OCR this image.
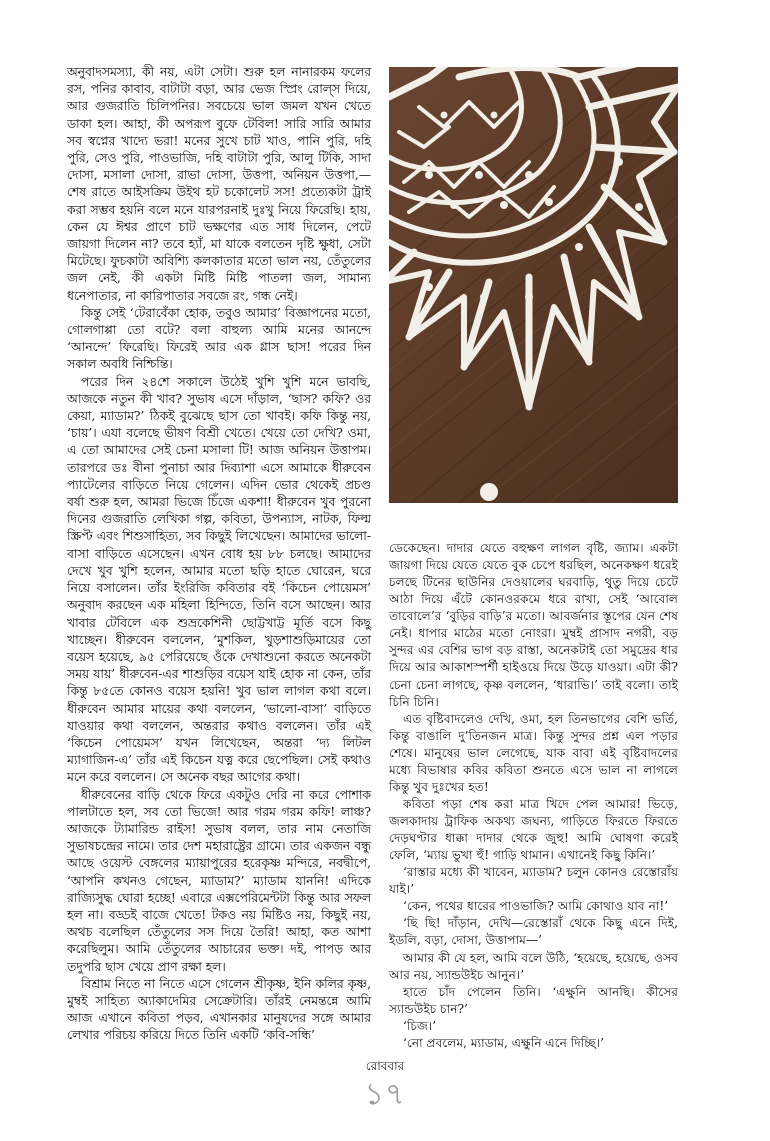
অনুবাদসমস্যা, কী নয়, এটা সেটা। শুরু হল নানারকম ফলের রস, পনির কাবাব, বাটাটা বড়া, আর ভেজ স্প্রিং রোল্‌স দিয়ে, আর গুজরাতি চিলিপনির। সবচেয়ে ভাল জমল যখন খেতে ডাকা হল। আহা, কী অপরূপ বুফে টেবিল! সারি সারি আমার সব স্বপ্নের খাদ্যে ভরা! মনের সুখে চাট খাও, পানি পুরি, দহি পুরি, সেও পুরি, পাওভাজি, দহি বাটাটা পুরি, আলু টিকি, সাদা দোসা, মসালা দোসা, রাভা দোসা, উত্তপা, অনিয়ন উত্তপা,—শেষ রাতে আইসক্রিম উইথ হট চকোলেট সস! প্রত্যেকটা ট্রাই করা সম্ভব হয়নি বলে মনে যারপরনাই দুঃখু নিয়ে ফিরেছি। হায়, কেন যে ঈশ্বর প্রাণে চাট ভক্ষণের এত সাধ দিলেন, পেটে জায়গা দিলেন না? তবে হ্যাঁ, মা যাকে বলতেন দৃষ্টি ক্ষুধা, সেটা মিটেছে। ফুচকাটা অবিশ্যি কলকাতার মতো ভাল নয়, তেঁতুলের জল নেই, কী একটা মিষ্টি মিষ্টি পাতলা জল, সামান্য ধনেপাতার, না কারিপাতার সবজে রং, গন্ধ নেই।

কিন্তু সেই ‘টেরাবেঁকা হোক, তবুও আমার’ বিজ্ঞাপনের মতো, গোলগাপ্পা তো বটে? বলা বাহুল্য আমি মনের আনন্দে ‘আনন্দে’ ফিরেছি। ফিরেই আর এক গ্লাস ছাস! পরের দিন সকাল অবধি নিশ্চিন্তি।

পরের দিন ২৪শে সকালে উঠেই খুশি খুশি মনে ভাবছি, আজকে নতুন কী খাব? সুভাষ এসে দাঁড়াল, ‘ছাস? কফি? ওর কেয়া, ম্যাডাম?’ ঠিকই বুঝেছে ছাস তো খাবই। কফি কিন্তু নয়, ‘চায়’। এযা বলেছে ভীষণ বিশ্রী খেতে। খেয়ে তো দেখি? ওমা, এ তো আমাদের সেই চেনা মসালা টি! আজ অনিয়ন উত্তাপম। তারপরে ডঃ বীনা পুনাচা আর দিব্যাশা এসে আমাকে ধীরুবেন প্যাটেলের বাড়িতে নিয়ে গেলেন। এদিন ভোর থেকেই প্রচণ্ড বর্ষা শুরু হল, আমরা ভিজে চিঁজে একশা! ধীরুবেন খুব পুরনো দিনের গুজরাতি লেখিকা গল্প, কবিতা, উপন্যাস, নাটক, ফিল্ম স্ক্রিপ্ট এবং শিশুসাহিত্য, সব কিছুই লিখেছেন। আমাদের ভালো-বাসা বাড়িতে এসেছেন। এখন বোধ হয় ৮৮ চলছে। আমাদের দেখে খুব খুশি হলেন, আমার মতো ছড়ি হাতে ঘোরেন, ঘরে নিয়ে বসালেন। তাঁর ইংরিজি কবিতার বই ‘কিচেন পোয়েমস’ অনুবাদ করছেন এক মহিলা হিন্দিতে, তিনি বসে আছেন। আর খাবার টেবিলে এক শুভ্রকেশিনী ছোট্টখাট্ট মূর্তি বসে কিছু খাচ্ছেন। ধীরুবেন বললেন, ‘মুশকিল, খুড়শাশুড়িমায়ের তো বয়েস হয়েছে, ৯৫ পেরিয়েছে ওঁকে দেখাশুনো করতে অনেকটা সময় যায়’ ধীরুবেন-এর শাশুড়ির বয়েস যাই হোক না কেন, তাঁর কিন্তু ৮৫তে কোনও বয়েস হয়নি! খুব ভাল লাগল কথা বলে। ধীরুবেন আমার মায়ের কথা বললেন, ‘ভালো-বাসা’ বাড়িতে যাওয়ার কথা বললেন, অন্তরার কথাও বললেন। তাঁর এই ‘কিচেন পোয়েমস’ যখন লিখেছেন, অন্তরা ‘দ্য লিটল ম্যাগাজিন-এ’ তাঁর এই কিচেন যত্ন করে ছেপেছিল। সেই কথাও মনে করে বললেন। সে অনেক বছর আগের কথা।

ধীরুবেনের বাড়ি থেকে ফিরে একটুও দেরি না করে পোশাক পালটাতে হল, সব তো ভিজে! আর গরম গরম কফি! লাঞ্চ? আজকে ট্যামারিন্ড রাইস! সুভাষ বলল, তার নাম নেতাজি সুভাষচন্দ্রের নামে। তার দেশ মহারাষ্ট্রের গ্রামে। তার একজন বন্ধু আছে ওয়েস্ট বেঙ্গলের ম্যায়াপুরের হরেকৃষ্ণ মন্দিরে, নবদ্বীপে, ‘আপনি কখনও গেছেন, ম্যাডাম?’ ম্যাডাম যাননি! এদিকে রাজ্যিসুদ্ধ ঘোরা হচ্ছে! এবারে এক্সপেরিমেন্টটা কিন্তু আর সফল হল না। বড্ডই বাজে খেতে! টকও নয় মিষ্টিও নয়, কিছুই নয়, অথচ বলেছিল তেঁতুলের সস দিয়ে তৈরি! আহা, কত আশা করেছিলুম। আমি তেঁতুলের আচারের ভক্ত। দই, পাপড় আর তদুপরি ছাস খেয়ে প্রাণ রক্ষা হল।

বিশ্রাম নিতে না নিতে এসে গেলেন শ্রীকৃষ্ণ, ইনি কলির কৃষ্ণ, মুম্বই সাহিত্য অ্যাকাদেমির সেক্রেটারি। তাঁরই নেমন্তন্নে আমি আজ এখানে কবিতা পড়ব, এখানকার মানুষদের সঙ্গে আমার লেখার পরিচয় করিয়ে দিতে তিনি একটি ‘কবি-সন্ধি’

ডেকেছেন। দাদার যেতে বহুক্ষণ লাগল বৃষ্টি, জ্যাম। একটা জায়গা দিয়ে যেতে যেতে বুক চেপে ধরছিল, অনেকক্ষণ ধরেই চলছে টিনের ছাউনির দেওয়ালের ঘরবাড়ি, থুতু দিয়ে চেটে আঠা দিয়ে এঁটে কোনওরকমে ধরে রাখা, সেই ‘আবোল তাবোলে’র ‘বুড়ির বাড়ি’র মতো। আবর্জনার স্তূপের যেন শেষ নেই। ধাপার মাঠের মতো নোংরা। মুম্বই প্রাসাদ নগরী, বড় সুন্দর এর বেশির ভাগ বড় রাস্তা, অনেকটাই তো সমুদ্রের ধার দিয়ে আর আকাশস্পর্শী হাইওয়ে দিয়ে উড়ে যাওয়া। এটা কী? চেনা চেনা লাগছে, কৃষ্ণ বললেন, ‘ধারাভি।’ তাই বলো। তাই চিনি চিনি।

এত বৃষ্টিবাদলেও দেখি, ওমা, হল তিনভাগের বেশি ভর্তি, কিন্তু বাঙালি দু’তিনজন মাত্র। কিন্তু সুন্দর প্রশ্ন এল পড়ার শেষে। মানুষের ভাল লেগেছে, যাক বাবা এই বৃষ্টিবাদলের মধ্যে বিভাষার কবির কবিতা শুনতে এসে ভাল না লাগলে কিন্তু খুব দুঃখের হত!

কবিতা পড়া শেষ করা মাত্র খিদে পেল আমার! ভিড়ে, জলকাদায় ট্রাফিক অকথ্য জঘন্য, গাড়িতে ফিরতে ফিরতে দেড়ঘণ্টার ধাক্কা দাদার থেকে জুহু! আমি ঘোষণা করেই ফেলি, ‘ম্যায় ভুখা হুঁ! গাড়ি থামান। এখানেই কিছু কিনি।’

‘রাস্তার মধ্যে কী খাবেন, ম্যাডাম? চলুন কোনও রেস্তোরাঁয় যাই।’

‘কেন, পথের ধারের পাওভাজি? আমি কোথাও যাব না!’

‘ছি ছি! দাঁড়ান, দেখি—রেস্তোরাঁ থেকে কিছু এনে দিই, ইডলি, বড়া, দোসা, উত্তাপাম—’

আমার কী যে হল, আমি বলে উঠি, ‘হয়েছে, হয়েছে, ওসব আর নয়, স্যান্ডউইচ আনুন।’

হাতে চাঁদ পেলেন তিনি। ‘এক্ষুনি আনছি। কীসের স্যান্ডউইচ চান?’

‘চিজ।’

‘নো প্রবলেম, ম্যাডাম, এক্ষুনি এনে দিচ্ছি।’

রোববার
১৭
